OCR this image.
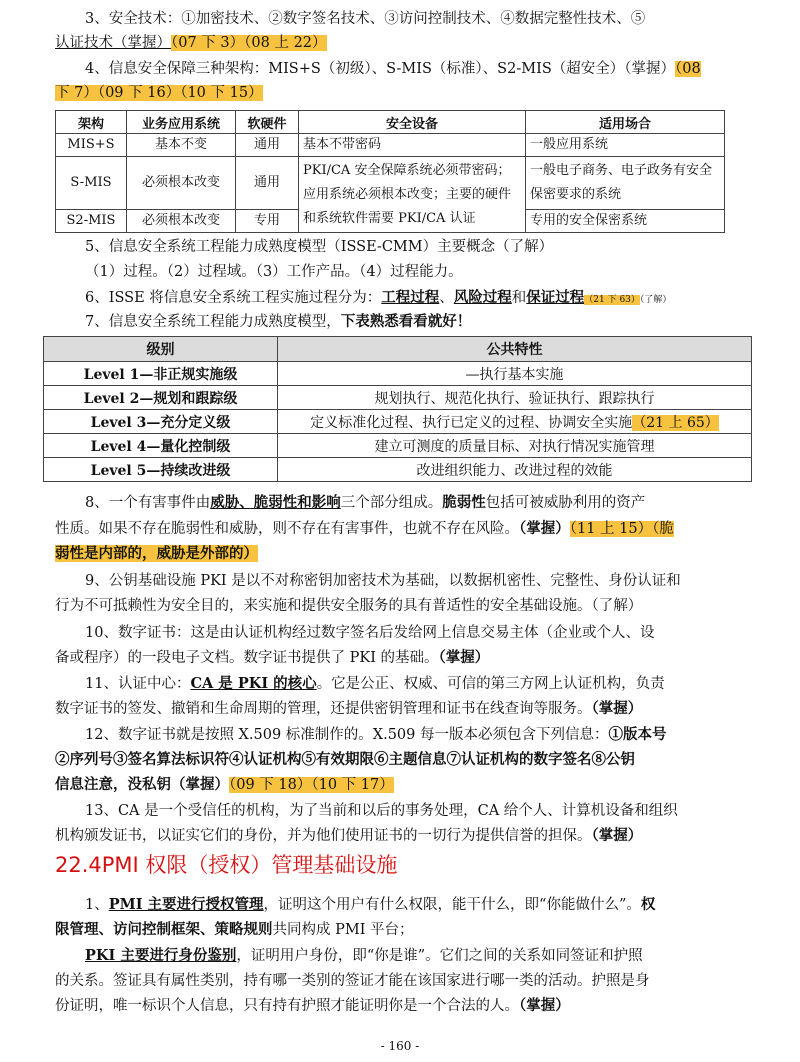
3、安全技术：①加密技术、②数字签名技术、③访问控制技术、④数据完整性技术、⑤
认证技术（掌握）（07 下 3）（08 上 22）
4、信息安全保障三种架构：MIS+S（初级）、S-MIS（标准）、S2-MIS（超安全）（掌握）（08
下 7）（09 下 16）（10 下 15）
架构	业务应用系统	软硬件	安全设备	适用场合
MIS+S	基本不变	通用	基本不带密码	一般应用系统
S-MIS	必须根本改变	通用	PKI/CA 安全保障系统必须带密码；应用系统必须根本改变；主要的硬件和系统软件需要 PKI/CA 认证	一般电子商务、电子政务有安全保密要求的系统
S2-MIS	必须根本改变	专用		专用的安全保密系统
5、信息安全系统工程能力成熟度模型（ISSE-CMM）主要概念（了解）
（1）过程。（2）过程域。（3）工作产品。（4）过程能力。
6、ISSE 将信息安全系统工程实施过程分为：工程过程、风险过程和保证过程（21 下 63）（了解）
7、信息安全系统工程能力成熟度模型，下表熟悉看看就好！
级别	公共特性
Level 1—非正规实施级	—执行基本实施
Level 2—规划和跟踪级	规划执行、规范化执行、验证执行、跟踪执行
Level 3—充分定义级	定义标准化过程、执行已定义的过程、协调安全实施（21 上 65）
Level 4—量化控制级	建立可测度的质量目标、对执行情况实施管理
Level 5—持续改进级	改进组织能力、改进过程的效能
8、一个有害事件由威胁、脆弱性和影响三个部分组成。脆弱性包括可被威胁利用的资产
性质。如果不存在脆弱性和威胁，则不存在有害事件，也就不存在风险。（掌握）（11 上 15）（脆
弱性是内部的，威胁是外部的）
9、公钥基础设施 PKI 是以不对称密钥加密技术为基础，以数据机密性、完整性、身份认证和
行为不可抵赖性为安全目的，来实施和提供安全服务的具有普适性的安全基础设施。（了解）
10、数字证书：这是由认证机构经过数字签名后发给网上信息交易主体（企业或个人、设
备或程序）的一段电子文档。数字证书提供了 PKI 的基础。（掌握）
11、认证中心：CA 是 PKI 的核心。它是公正、权威、可信的第三方网上认证机构，负责
数字证书的签发、撤销和生命周期的管理，还提供密钥管理和证书在线查询等服务。（掌握）
12、数字证书就是按照 X.509 标准制作的。X.509 每一版本必须包含下列信息：①版本号
②序列号③签名算法标识符④认证机构⑤有效期限⑥主题信息⑦认证机构的数字签名⑧公钥
信息注意，没私钥（掌握）（09 下 18）（10 下 17）
13、CA 是一个受信任的机构，为了当前和以后的事务处理，CA 给个人、计算机设备和组织
机构颁发证书，以证实它们的身份，并为他们使用证书的一切行为提供信誉的担保。（掌握）
22.4PMI 权限（授权）管理基础设施
1、PMI 主要进行授权管理，证明这个用户有什么权限，能干什么，即“你能做什么”。权
限管理、访问控制框架、策略规则共同构成 PMI 平台；
PKI 主要进行身份鉴别，证明用户身份，即“你是谁”。它们之间的关系如同签证和护照
的关系。签证具有属性类别，持有哪一类别的签证才能在该国家进行哪一类的活动。护照是身
份证明，唯一标识个人信息，只有持有护照才能证明你是一个合法的人。（掌握）
- 160 -
